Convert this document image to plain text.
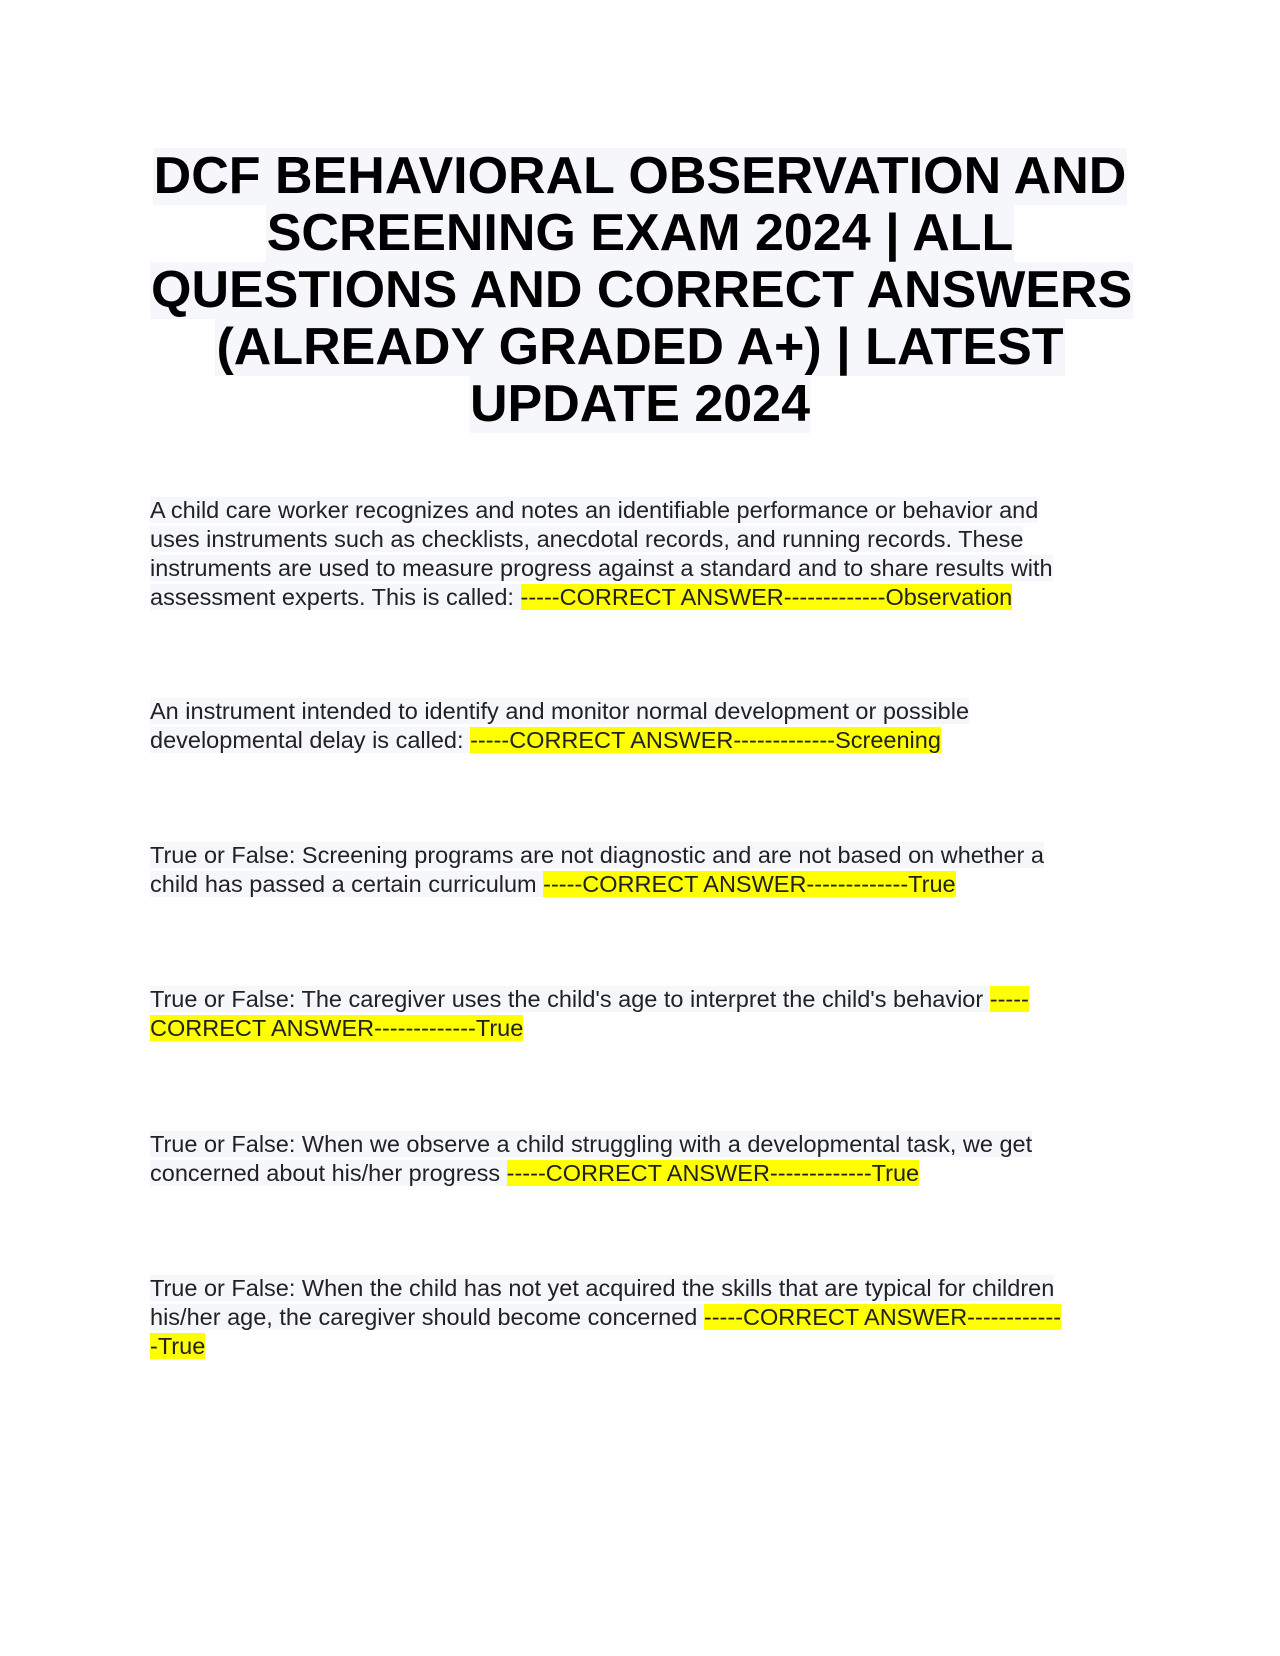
DCF BEHAVIORAL OBSERVATION AND
SCREENING EXAM 2024 | ALL
QUESTIONS AND CORRECT ANSWERS
(ALREADY GRADED A+) | LATEST
UPDATE 2024
A child care worker recognizes and notes an identifiable performance or behavior and
uses instruments such as checklists, anecdotal records, and running records. These
instruments are used to measure progress against a standard and to share results with
assessment experts. This is called: -----CORRECT ANSWER-------------Observation
An instrument intended to identify and monitor normal development or possible
developmental delay is called: -----CORRECT ANSWER-------------Screening
True or False: Screening programs are not diagnostic and are not based on whether a
child has passed a certain curriculum -----CORRECT ANSWER-------------True
True or False: The caregiver uses the child's age to interpret the child's behavior -----
CORRECT ANSWER-------------True
True or False: When we observe a child struggling with a developmental task, we get
concerned about his/her progress -----CORRECT ANSWER-------------True
True or False: When the child has not yet acquired the skills that are typical for children
his/her age, the caregiver should become concerned -----CORRECT ANSWER------------
-True
